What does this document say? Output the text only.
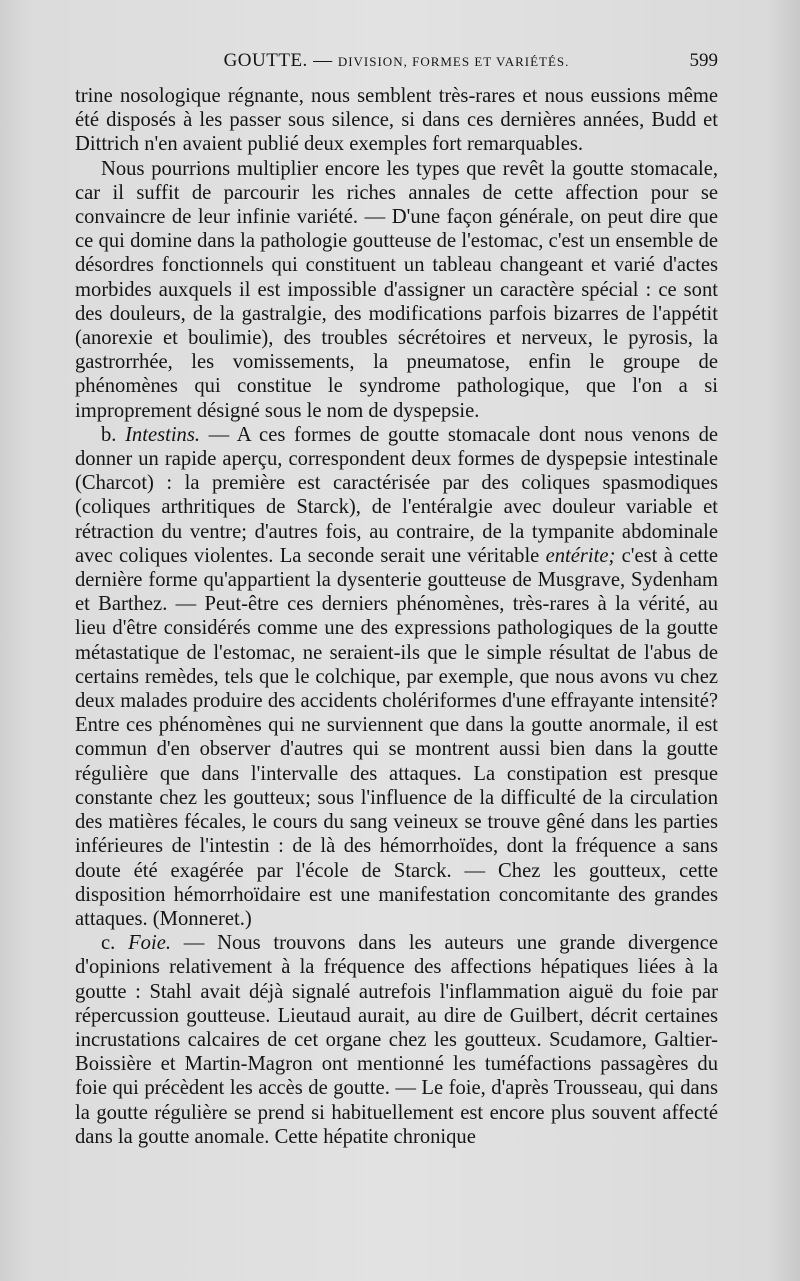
GOUTTE. — DIVISION, FORMES ET VARIÉTÉS.	599

trine nosologique régnante, nous semblent très-rares et nous eussions même été disposés à les passer sous silence, si dans ces dernières années, Budd et Dittrich n'en avaient publié deux exemples fort remarquables.

Nous pourrions multiplier encore les types que revêt la goutte stomacale, car il suffit de parcourir les riches annales de cette affection pour se convaincre de leur infinie variété. — D'une façon générale, on peut dire que ce qui domine dans la pathologie goutteuse de l'estomac, c'est un ensemble de désordres fonctionnels qui constituent un tableau changeant et varié d'actes morbides auxquels il est impossible d'assigner un caractère spécial : ce sont des douleurs, de la gastralgie, des modifications parfois bizarres de l'appétit (anorexie et boulimie), des troubles sécrétoires et nerveux, le pyrosis, la gastrorrhée, les vomissements, la pneumatose, enfin le groupe de phénomènes qui constitue le syndrome pathologique, que l'on a si improprement désigné sous le nom de dyspepsie.

b. Intestins. — A ces formes de goutte stomacale dont nous venons de donner un rapide aperçu, correspondent deux formes de dyspepsie intestinale (Charcot) : la première est caractérisée par des coliques spasmodiques (coliques arthritiques de Starck), de l'entéralgie avec douleur variable et rétraction du ventre; d'autres fois, au contraire, de la tympanite abdominale avec coliques violentes. La seconde serait une véritable entérite; c'est à cette dernière forme qu'appartient la dysenterie goutteuse de Musgrave, Sydenham et Barthez. — Peut-être ces derniers phénomènes, très-rares à la vérité, au lieu d'être considérés comme une des expressions pathologiques de la goutte métastatique de l'estomac, ne seraient-ils que le simple résultat de l'abus de certains remèdes, tels que le colchique, par exemple, que nous avons vu chez deux malades produire des accidents cholériformes d'une effrayante intensité? Entre ces phénomènes qui ne surviennent que dans la goutte anormale, il est commun d'en observer d'autres qui se montrent aussi bien dans la goutte régulière que dans l'intervalle des attaques. La constipation est presque constante chez les goutteux; sous l'influence de la difficulté de la circulation des matières fécales, le cours du sang veineux se trouve gêné dans les parties inférieures de l'intestin : de là des hémorrhoïdes, dont la fréquence a sans doute été exagérée par l'école de Starck. — Chez les goutteux, cette disposition hémorrhoïdaire est une manifestation concomitante des grandes attaques. (Monneret.)

c. Foie. — Nous trouvons dans les auteurs une grande divergence d'opinions relativement à la fréquence des affections hépatiques liées à la goutte : Stahl avait déjà signalé autrefois l'inflammation aiguë du foie par répercussion goutteuse. Lieutaud aurait, au dire de Guilbert, décrit certaines incrustations calcaires de cet organe chez les goutteux. Scudamore, Galtier-Boissière et Martin-Magron ont mentionné les tuméfactions passagères du foie qui précèdent les accès de goutte. — Le foie, d'après Trousseau, qui dans la goutte régulière se prend si habituellement est encore plus souvent affecté dans la goutte anomale. Cette hépatite chronique
